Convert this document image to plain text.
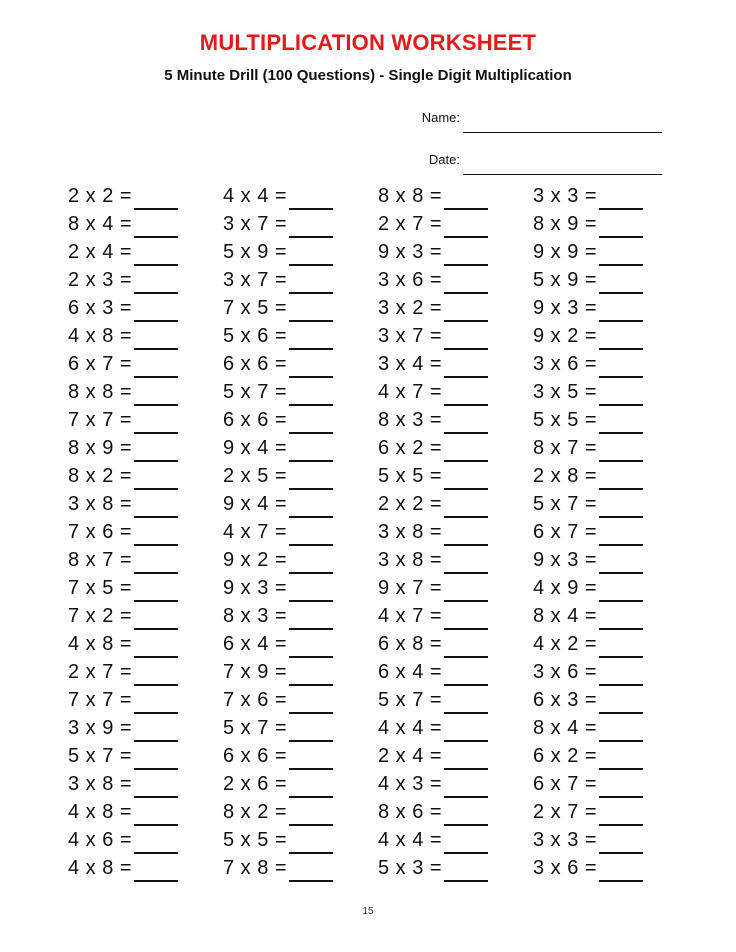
MULTIPLICATION WORKSHEET
5 Minute Drill (100 Questions) - Single Digit Multiplication
Name:
Date:
2 x 2 =
8 x 4 =
2 x 4 =
2 x 3 =
6 x 3 =
4 x 8 =
6 x 7 =
8 x 8 =
7 x 7 =
8 x 9 =
8 x 2 =
3 x 8 =
7 x 6 =
8 x 7 =
7 x 5 =
7 x 2 =
4 x 8 =
2 x 7 =
7 x 7 =
3 x 9 =
5 x 7 =
3 x 8 =
4 x 8 =
4 x 6 =
4 x 8 =
4 x 4 =
3 x 7 =
5 x 9 =
3 x 7 =
7 x 5 =
5 x 6 =
6 x 6 =
5 x 7 =
6 x 6 =
9 x 4 =
2 x 5 =
9 x 4 =
4 x 7 =
9 x 2 =
9 x 3 =
8 x 3 =
6 x 4 =
7 x 9 =
7 x 6 =
5 x 7 =
6 x 6 =
2 x 6 =
8 x 2 =
5 x 5 =
7 x 8 =
8 x 8 =
2 x 7 =
9 x 3 =
3 x 6 =
3 x 2 =
3 x 7 =
3 x 4 =
4 x 7 =
8 x 3 =
6 x 2 =
5 x 5 =
2 x 2 =
3 x 8 =
3 x 8 =
9 x 7 =
4 x 7 =
6 x 8 =
6 x 4 =
5 x 7 =
4 x 4 =
2 x 4 =
4 x 3 =
8 x 6 =
4 x 4 =
5 x 3 =
3 x 3 =
8 x 9 =
9 x 9 =
5 x 9 =
9 x 3 =
9 x 2 =
3 x 6 =
3 x 5 =
5 x 5 =
8 x 7 =
2 x 8 =
5 x 7 =
6 x 7 =
9 x 3 =
4 x 9 =
8 x 4 =
4 x 2 =
3 x 6 =
6 x 3 =
8 x 4 =
6 x 2 =
6 x 7 =
2 x 7 =
3 x 3 =
3 x 6 =
15
